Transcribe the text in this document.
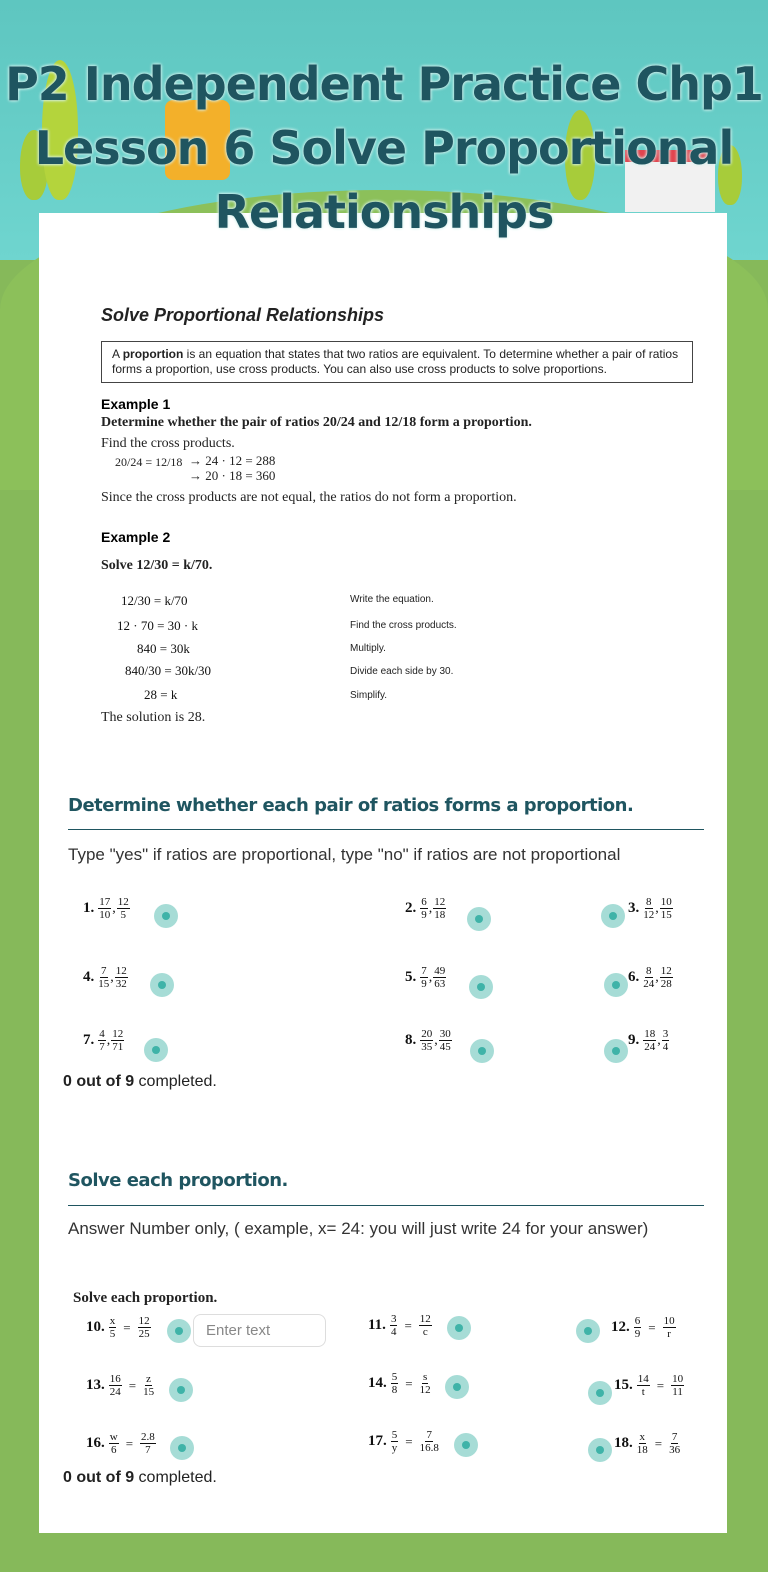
P2 Independent Practice Chp1 Lesson 6 Solve Proportional Relationships
Solve Proportional Relationships
A proportion is an equation that states that two ratios are equivalent. To determine whether a pair of ratios forms a proportion, use cross products. You can also use cross products to solve proportions.
Example 1
Determine whether the pair of ratios 20/24 and 12/18 form a proportion.
Find the cross products.
20/24 = 12/18 → 24 · 12 = 288
→ 20 · 18 = 360
Since the cross products are not equal, the ratios do not form a proportion.
Example 2
Solve 12/30 = k/70.
12/30 = k/70	Write the equation.
12 · 70 = 30 · k	Find the cross products.
840 = 30k	Multiply.
840/30 = 30k/30	Divide each side by 30.
28 = k	Simplify.
The solution is 28.
Determine whether each pair of ratios forms a proportion.
Type "yes" if ratios are proportional, type "no" if ratios are not proportional
1. $\frac{17}{10}$ , $\frac{12}{5}$	2. $\frac{6}{9}$ , $\frac{12}{18}$	3. $\frac{8}{12}$ , $\frac{10}{15}$
4. $\frac{7}{15}$ , $\frac{12}{32}$	5. $\frac{7}{9}$ , $\frac{49}{63}$	6. $\frac{8}{24}$ , $\frac{12}{28}$
7. $\frac{4}{7}$ , $\frac{12}{71}$	8. $\frac{20}{35}$ , $\frac{30}{45}$	9. $\frac{18}{24}$ , $\frac{3}{4}$
0 out of 9 completed.
Solve each proportion.
Answer Number only, ( example, x= 24: you will just write 24 for your answer)
Solve each proportion.
10. $\frac{x}{5} = \frac{12}{25}$	11. $\frac{3}{4} = \frac{12}{c}$	12. $\frac{6}{9} = \frac{10}{r}$
13. $\frac{16}{24} = \frac{z}{15}$	14. $\frac{5}{8} = \frac{s}{12}$	15. $\frac{14}{t} = \frac{10}{11}$
16. $\frac{w}{6} = \frac{2.8}{7}$	17. $\frac{5}{y} = \frac{7}{16.8}$	18. $\frac{x}{18} = \frac{7}{36}$
Enter text
0 out of 9 completed.
